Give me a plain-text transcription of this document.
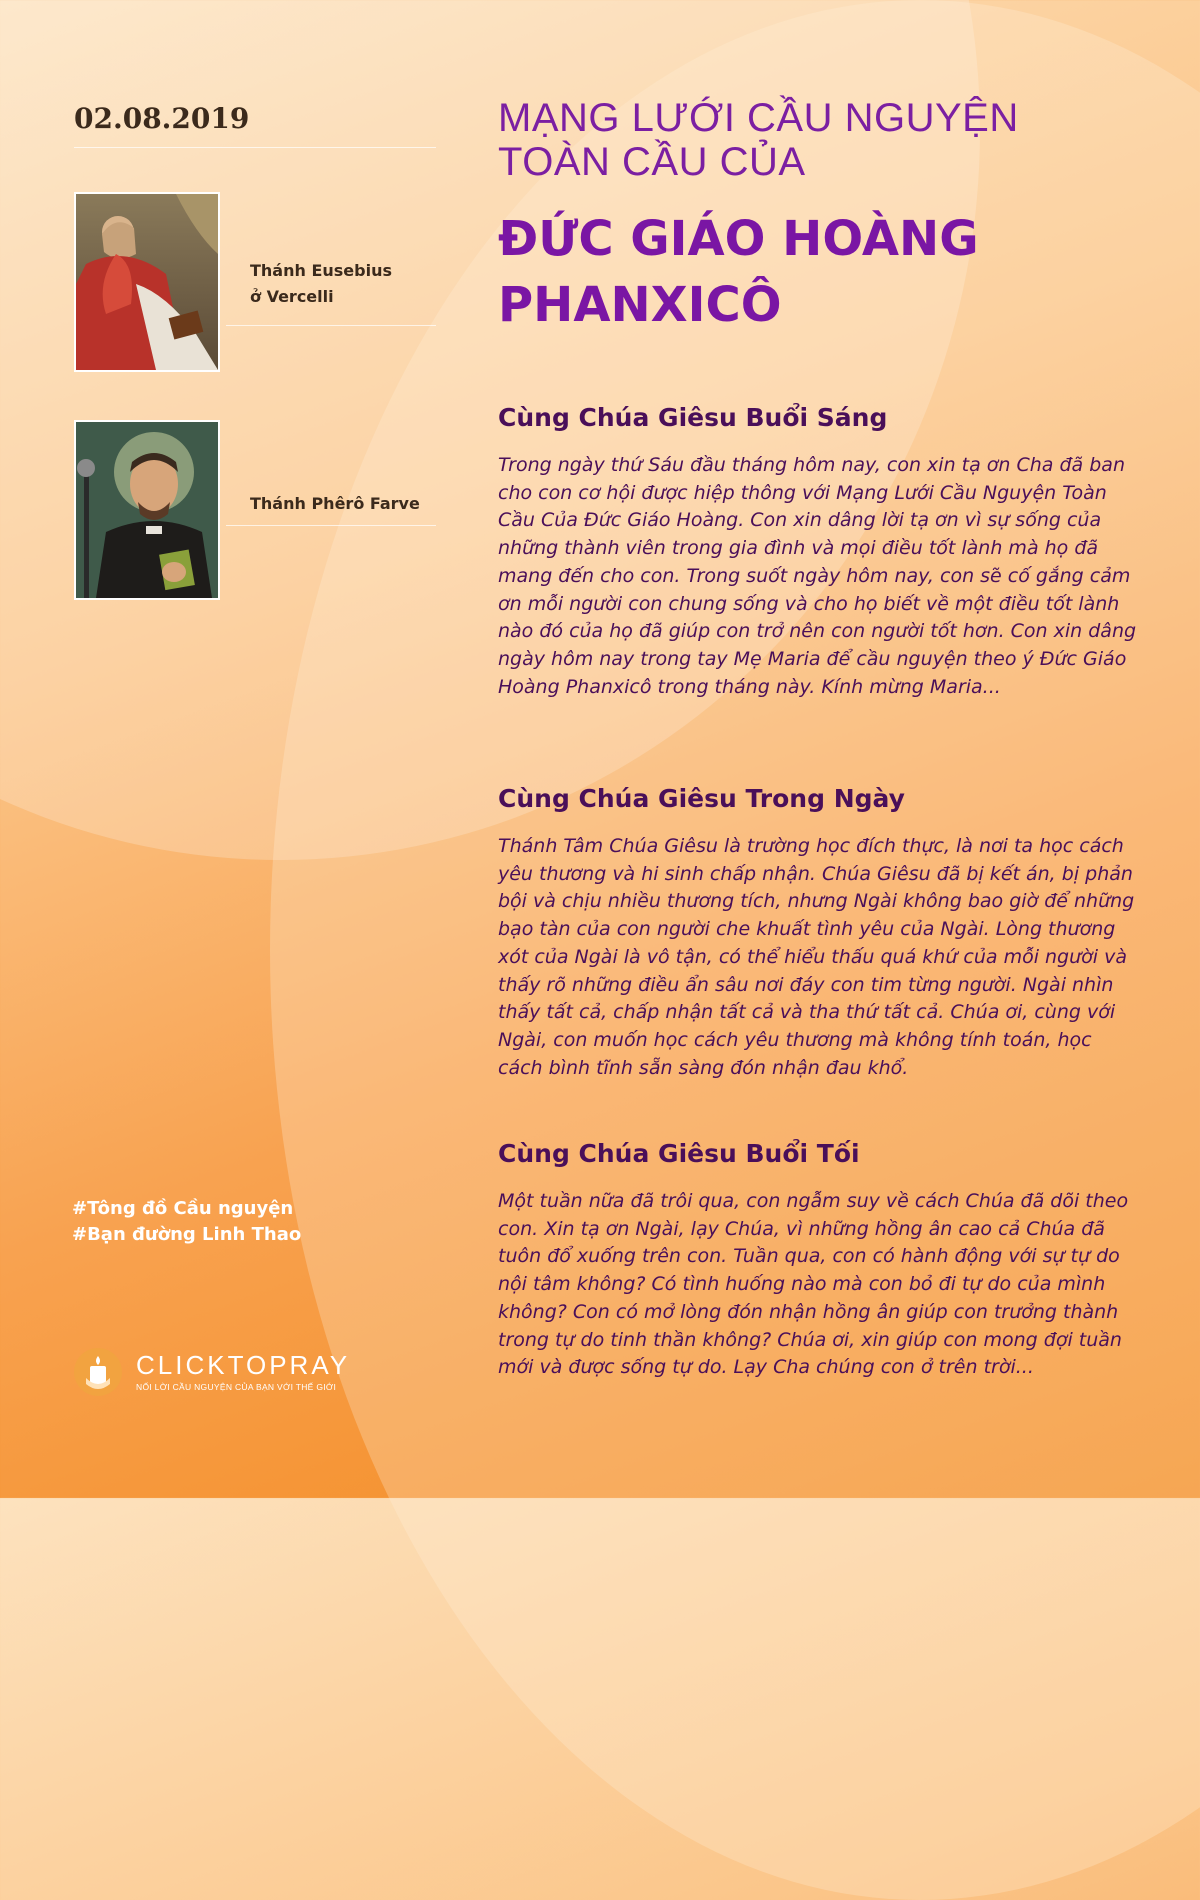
02.08.2019

Thánh Eusebius
ở Vercelli

Thánh Phêrô Farve

MẠNG LƯỚI CẦU NGUYỆN
TOÀN CẦU CỦA
ĐỨC GIÁO HOÀNG
PHANXICÔ
Cùng Chúa Giêsu Buổi Sáng

Trong ngày thứ Sáu đầu tháng hôm nay, con xin tạ ơn Cha đã ban cho con cơ hội được hiệp thông với Mạng Lưới Cầu Nguyện Toàn Cầu Của Đức Giáo Hoàng. Con xin dâng lời tạ ơn vì sự sống của những thành viên trong gia đình và mọi điều tốt lành mà họ đã mang đến cho con. Trong suốt ngày hôm nay, con sẽ cố gắng cảm ơn mỗi người con chung sống và cho họ biết về một điều tốt lành nào đó của họ đã giúp con trở nên con người tốt hơn. Con xin dâng ngày hôm nay trong tay Mẹ Maria để cầu nguyện theo ý Đức Giáo Hoàng Phanxicô trong tháng này. Kính mừng Maria...

Cùng Chúa Giêsu Trong Ngày

Thánh Tâm Chúa Giêsu là trường học đích thực, là nơi ta học cách yêu thương và hi sinh chấp nhận. Chúa Giêsu đã bị kết án, bị phản bội và chịu nhiều thương tích, nhưng Ngài không bao giờ để những bạo tàn của con người che khuất tình yêu của Ngài. Lòng thương xót của Ngài là vô tận, có thể hiểu thấu quá khứ của mỗi người và thấy rõ những điều ẩn sâu nơi đáy con tim từng người. Ngài nhìn thấy tất cả, chấp nhận tất cả và tha thứ tất cả. Chúa ơi, cùng với Ngài, con muốn học cách yêu thương mà không tính toán, học cách bình tĩnh sẵn sàng đón nhận đau khổ.

Cùng Chúa Giêsu Buổi Tối

Một tuần nữa đã trôi qua, con ngẫm suy về cách Chúa đã dõi theo con. Xin tạ ơn Ngài, lạy Chúa, vì những hồng ân cao cả Chúa đã tuôn đổ xuống trên con. Tuần qua, con có hành động với sự tự do nội tâm không? Có tình huống nào mà con bỏ đi tự do của mình không? Con có mở lòng đón nhận hồng ân giúp con trưởng thành trong tự do tinh thần không? Chúa ơi, xin giúp con mong đợi tuần mới và được sống tự do. Lạy Cha chúng con ở trên trời...

#Tông đồ Cầu nguyện
#Bạn đường Linh Thao

CLICKTOPRAY
NỐI LỜI CẦU NGUYỆN CỦA BẠN VỚI THẾ GIỚI
